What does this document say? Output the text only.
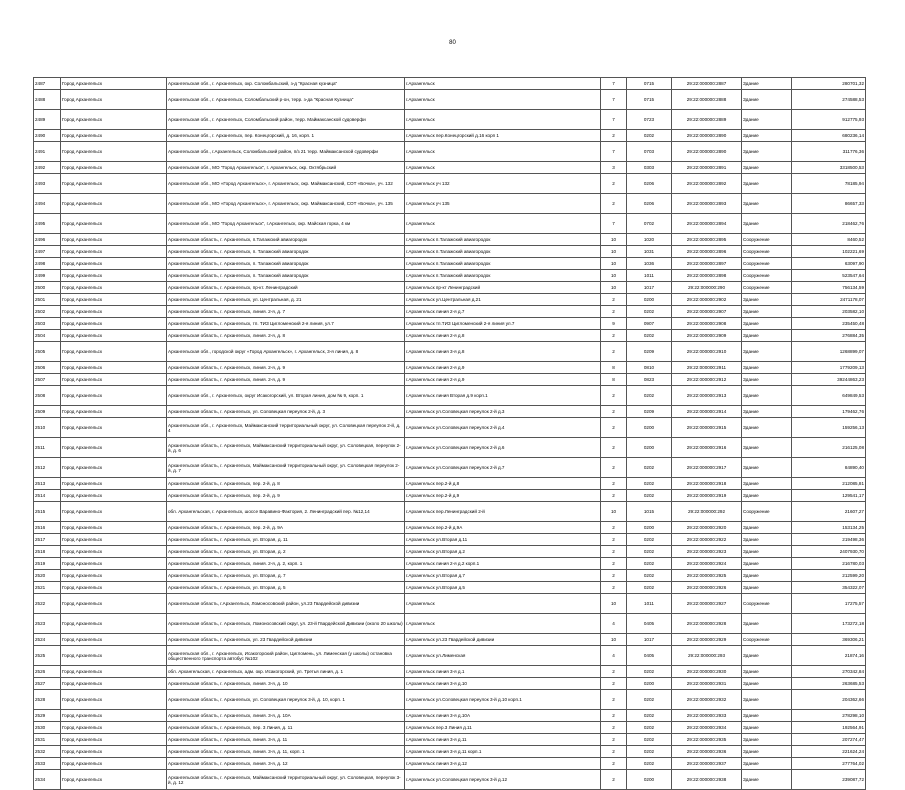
80
2487	Город Архангельск	Архангельская обл., г. Архангельск, окр. Соломбальский, з-д "Красная кузница"	г.Архангельск	7	0715	29:22:000000:2887	Здание	280701,32
2488	Город Архангельск	Архангельская обл., г. Архангельск, Соломбальский р-он, терр. з-да "Красная Кузница"	г.Архангельск	7	0715	29:22:000000:2888	Здание	274588,53
2489	Город Архангельск	Архангельская обл., г. Архангельск, Соломбальский район, терр. Маймаксанской судоверфи	г.Архангельск	7	0723	29:22:000000:2889	Здание	912775,93
2490	Город Архангельск	Архангельская обл., г. Архангельск, пер. Конецгорский, д. 16, корп. 1	г.Архангельск пер.Конецгорский д.16 корп 1	2	0202	29:22:000000:2890	Здание	680236,14
2491	Город Архангельск	Архангельская обл., г.Архангельск, Соломбальский район, п/з 21 терр. Маймаксанской судоверфи	г.Архангельск	7	0703	29:22:000000:2890	Здание	311776,36
2492	Город Архангельск	Архангельская обл., МО "Город Архангельск", г. Архангельск, окр. Октябрьский	г.Архангельск	3	0303	29:22:000000:2891	Здание	3318500,53
2493	Город Архангельск	Архангельская обл., МО «Город Архангельск», г. Архангельск, окр. Маймаксанский, СОТ «Бочка», уч. 132	г.Архангельск уч 132	2	0206	29:22:000000:2892	Здание	78185,94
2494	Город Архангельск	Архангельская обл., МО «Город Архангельск», г. Архангельск, окр. Маймаксанский, СОТ «Бочка», уч. 135	г.Архангельск уч 135	2	0206	29:22:000000:2893	Здание	86657,33
2495	Город Архангельск	Архангельская обл., МО "Город Архангельск", г.Архангельск, окр. Майская горка, 4 км	г.Архангельск	7	0702	29:22:000000:2894	Здание	218462,76
2496	Город Архангельск	Архангельская область, г. Архангельск, п.Талажский авиагородок	г.Архангельск п.Талажский авиагородок	10	1020	29:22:000000:2895	Сооружение	8460,52
2497	Город Архангельск	Архангельская область, г. Архангельск, п. Талажский авиагородок	г.Архангельск п.Талажский авиагородок	10	1031	29:22:000000:2896	Сооружение	102221,69
2498	Город Архангельск	Архангельская область, г. Архангельск, п. Талажский авиагородок	г.Архангельск п.Талажский авиагородок	10	1036	29:22:000000:2897	Сооружение	63097,90
2499	Город Архангельск	Архангельская область, г. Архангельск, п. Талажский авиагородок	г.Архангельск п.Талажский авиагородок	10	1011	29:22:000000:2898	Сооружение	523547,64
2500	Город Архангельск	Архангельская область, г. Архангельск, пр-кт. Ленинградский	г.Архангельск пр-кт Ленинградский	10	1017	29:22:000000:290	Сооружение	756134,59
2501	Город Архангельск	Архангельская область, г. Архангельск, ул. Центральная, д. 21	г.Архангельск ул.Центральная д.21	2	0200	29:22:000000:2902	Здание	2471178,07
2502	Город Архангельск	Архангельская область, г. Архангельск, линия. 2-я, д. 7	г.Архангельск линия 2-я д.7	2	0202	29:22:000000:2907	Здание	203582,10
2503	Город Архангельск	Архангельская область, г. Архангельск, тп. ТИЗ Цигломенский 2-я линия, ул.7	г.Архангельск тп.ТИЗ Цигломенский 2-я линия ул.7	9	0907	29:22:000000:2908	Здание	235450,48
2504	Город Архангельск	Архангельская область, г. Архангельск, линия. 2-я, д. 8	г.Архангельск линия 2-я д.8	2	0202	29:22:000000:2909	Здание	276884,35
2505	Город Архангельск	Архангельская обл., городской округ «Город Архангельск», г. Архангельск, 3-я линия, д. 8	г.Архангельск линия 3-я д.8	2	0209	29:22:000000:2910	Здание	1268899,07
2506	Город Архангельск	Архангельская область, г. Архангельск, линия. 2-я, д. 9	г.Архангельск линия 2-я д.9	8	0810	29:22:000000:2911	Здание	1779209,13
2507	Город Архангельск	Архангельская область, г. Архангельск, линия. 2-я, д. 9	г.Архангельск линия 2-я д.9	8	0823	29:22:000000:2912	Здание	39244863,23
2508	Город Архангельск	Архангельская обл., г. Архангельск, округ Исакогорский, ул. Вторая линия, дом № 9, корп. 1	г.Архангельск линия Вторая д.9 корп.1	2	0202	29:22:000000:2913	Здание	649849,53
2509	Город Архангельск	Архангельская область, г. Архангельск, ул. Соловецкая переулок 2-й, д. 3	г.Архангельск ул.Соловецкая переулок 2-й д.3	2	0209	29:22:000000:2914	Здание	179462,76
2510	Город Архангельск	Архангельская обл., г. Архангельск, Маймаксанский территориальный округ, ул. Соловецкая переулок 2-й, д. 4	г.Архангельск ул.Соловецкая переулок 2-й д.4	2	0200	29:22:000000:2915	Здание	159256,13
2511	Город Архангельск	Архангельская область, г. Архангельск, Маймаксанский территориальный округ, ул. Соловецкая, переулок 2-й, д. 6	г.Архангельск ул.Соловецкая переулок 2-й д.6	2	0200	29:22:000000:2916	Здание	216125,08
2512	Город Архангельск	Архангельская область, г. Архангельск, Маймаксанский территориальный округ, ул. Соловецкая переулок 2-й, д. 7	г.Архангельск ул.Соловецкая переулок 2-й д.7	2	0202	29:22:000000:2917	Здание	84890,40
2513	Город Архангельск	Архангельская область, г. Архангельск, пер. 2-й, д. 8	г.Архангельск пер.2-й д.8	2	0202	29:22:000000:2918	Здание	212085,81
2514	Город Архангельск	Архангельская область, г. Архангельск, пер. 2-й, д. 9	г.Архангельск пер.2-й д.9	2	0202	29:22:000000:2919	Здание	129541,17
2515	Город Архангельск	обл. Архангельская, г. Архангельск, шоссе Варавино-Фактория, 2. Ленинградский пер. №12,14	г.Архангельск пер.Ленинградский 2-й	10	1015	29:22:000000:292	Сооружение	21607,27
2516	Город Архангельск	Архангельская область, г. Архангельск, пер. 2-й, д. 9А	г.Архангельск пер.2-й д.9А	2	0200	29:22:000000:2920	Здание	153134,25
2517	Город Архангельск	Архангельская область, г. Архангельск, ул. Вторая, д. 11	г.Архангельск ул.Вторая д.11	2	0202	29:22:000000:2922	Здание	219498,36
2518	Город Архангельск	Архангельская область, г. Архангельск, ул. Вторая, д. 2	г.Архангельск ул.Вторая д.2	2	0202	29:22:000000:2923	Здание	2407930,70
2519	Город Архангельск	Архангельская область, г. Архангельск, линия. 2-я, д. 2, корп. 1	г.Архангельск линия 2-я д.2 корп.1	2	0202	29:22:000000:2924	Здание	216780,03
2520	Город Архангельск	Архангельская область, г. Архангельск, ул. Вторая, д. 7	г.Архангельск ул.Вторая д.7	2	0202	29:22:000000:2925	Здание	212599,20
2521	Город Архангельск	Архангельская область, г. Архангельск, ул. Вторая, д. 5	г.Архангельск ул.Вторая д.5	2	0202	29:22:000000:2926	Здание	354322,07
2522	Город Архангельск	Архангельская область, г.Архангельск, Ломоносовский район, ул.23 Гвардейской дивизии	г.Архангельск	10	1011	29:22:000000:2927	Сооружение	17275,57
2523	Город Архангельск	Архангельская область, г. Архангельск, Ломоносовский округ, ул. 23-й Гвардейской Дивизии (около 20 школы)	г.Архангельск	4	0405	29:22:000000:2928	Здание	173272,18
2524	Город Архангельск	Архангельская область, г. Архангельск, ул. 23 Гвардейской дивизии	г.Архангельск ул.23 Гвардейской дивизии	10	1017	29:22:000000:2929	Сооружение	369306,21
2525	Город Архангельск	Архангельская обл., г. Архангельск, Исакогорский район, Цигломень, ул. Лименская (у школы) остановка общественного транспорта автобус №102	г.Архангельск ул.Лименская	4	0405	29:22:000000:293	Здание	21874,16
2526	Город Архангельск	обл. Архангельская, г. Архангельск, адм. окр. Исакогорский, ул. Третья линия, д. 1	г.Архангельск линия 3-я д.1	2	0202	29:22:000000:2930	Здание	270342,84
2527	Город Архангельск	Архангельская область, г. Архангельск, линия. 3-я, д. 10	г.Архангельск линия 3-я д.10	2	0200	29:22:000000:2931	Здание	263685,53
2528	Город Архангельск	Архангельская область, г. Архангельск, ул. Соловецкая переулок 3-й, д. 10, корп. 1	г.Архангельск ул.Соловецкая переулок 3-й д.10 корп.1	2	0202	29:22:000000:2932	Здание	204362,66
2529	Город Архангельск	Архангельская область, г. Архангельск, линия. 3-я, д. 10А	г.Архангельск линия 3-я д.10А	2	0202	29:22:000000:2933	Здание	278298,10
2530	Город Архангельск	Архангельская область, г. Архангельск, пер. 3 Линия, д. 11	г.Архангельск пер.3 Линия д.11	2	0202	29:22:000000:2934	Здание	192564,91
2531	Город Архангельск	Архангельская область, г. Архангельск, линия. 3-я, д. 11	г.Архангельск линия 3-я д.11	2	0202	29:22:000000:2935	Здание	207274,47
2532	Город Архангельск	Архангельская область, г. Архангельск, линия. 3-я, д. 11, корп. 1	г.Архангельск линия 3-я д.11 корп.1	2	0202	29:22:000000:2936	Здание	221624,24
2533	Город Архангельск	Архангельская область, г. Архангельск, линия. 3-я, д. 12	г.Архангельск линия 3-я д.12	2	0202	29:22:000000:2937	Здание	277764,02
2534	Город Архангельск	Архангельская область, г. Архангельск, Маймаксанский территориальный округ, ул. Соловецкая, переулок 3-й, д. 12	г.Архангельск ул.Соловецкая переулок 3-й д.12	2	0200	29:22:000000:2938	Здание	239087,72
